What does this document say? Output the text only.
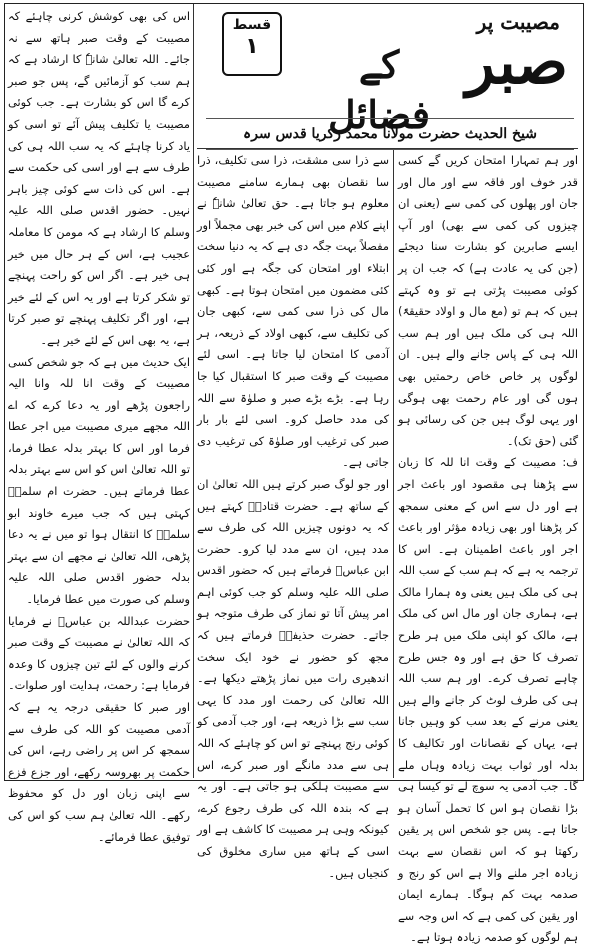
مصیبت پر
صبر
کے فضائل
قسط
۱
شیخ الحدیث حضرت مولانا محمد زکریا قدس سرہ

اور ہم تمہارا امتحان کریں گے کسی قدر خوف اور فاقہ سے اور مال اور جان اور پھلوں کی کمی سے (یعنی ان چیزوں کی کمی سے بھی) اور آپ ایسے صابرین کو بشارت سنا دیجئے (جن کی یہ عادت ہے) کہ جب ان پر کوئی مصیبت پڑتی ہے تو وہ کہتے ہیں کہ ہم تو (مع مال و اولاد حقیقۃً) اللہ ہی کی ملک ہیں اور ہم سب اللہ ہی کے پاس جانے والے ہیں۔ ان لوگوں پر خاص خاص رحمتیں بھی ہوں گی اور عام رحمت بھی ہوگی اور یہی لوگ ہیں جن کی رسائی ہو گئی (حق تک)۔

ف: مصیبت کے وقت انا للہ کا زبان سے پڑھنا ہی مقصود اور باعث اجر ہے اور دل سے اس کے معنی سمجھ کر پڑھنا اور بھی زیادہ مؤثر اور باعث اجر اور باعث اطمینان ہے۔ اس کا ترجمہ یہ ہے کہ ہم سب کے سب اللہ ہی کی ملک ہیں یعنی وہ ہمارا مالک ہے، ہماری جان اور مال اس کی ملک ہے، مالک کو اپنی ملک میں ہر طرح تصرف کا حق ہے اور وہ جس طرح چاہے تصرف کرے۔ اور ہم سب اللہ ہی کی طرف لوٹ کر جانے والے ہیں یعنی مرنے کے بعد سب کو وہیں جانا ہے، یہاں کے نقصانات اور تکالیف کا بدلہ اور ثواب بہت زیادہ وہاں ملے گا۔ جب آدمی یہ سوچ لے تو کیسا ہی بڑا نقصان ہو اس کا تحمل آسان ہو جاتا ہے۔ پس جو شخص اس پر یقین رکھتا ہو کہ اس نقصان سے بہت زیادہ اجر ملنے والا ہے اس کو رنج و صدمہ بہت کم ہوگا۔ ہمارے ایمان اور یقین کی کمی ہے کہ اس وجہ سے ہم لوگوں کو صدمہ زیادہ ہوتا ہے۔

سے ذرا سی مشقت، ذرا سی تکلیف، ذرا سا نقصان بھی ہمارے سامنے مصیبت معلوم ہو جاتا ہے۔ حق تعالیٰ شانہٗ نے اپنے کلام میں اس کی خبر بھی مجملاً اور مفصلاً بہت جگہ دی ہے کہ یہ دنیا سخت ابتلاء اور امتحان کی جگہ ہے اور کئی کئی مضمون میں امتحان ہوتا ہے۔ کبھی مال کی ذرا سی کمی سے، کبھی جان کی تکلیف سے، کبھی اولاد کے ذریعہ، ہر آدمی کا امتحان لیا جاتا ہے۔ اسی لئے مصیبت کے وقت صبر کا استقبال کیا جا رہا ہے۔ بڑے بڑے صبر و صلوٰۃ سے اللہ کی مدد حاصل کرو۔ اسی لئے بار بار صبر کی ترغیب اور صلوٰۃ کی ترغیب دی جاتی ہے۔

اور جو لوگ صبر کرتے ہیں اللہ تعالیٰ ان کے ساتھ ہے۔ حضرت قتادہؒ کہتے ہیں کہ یہ دونوں چیزیں اللہ کی طرف سے مدد ہیں، ان سے مدد لیا کرو۔ حضرت ابن عباسؓ فرماتے ہیں کہ حضور اقدس صلی اللہ علیہ وسلم کو جب کوئی اہم امر پیش آتا تو نماز کی طرف متوجہ ہو جاتے۔ حضرت حذیفہؓ فرماتے ہیں کہ مجھ کو حضور نے خود ایک سخت اندھیری رات میں نماز پڑھتے دیکھا ہے۔ اللہ تعالیٰ کی رحمت اور مدد کا یہی سب سے بڑا ذریعہ ہے، اور جب آدمی کو کوئی رنج پہنچے تو اس کو چاہئے کہ اللہ ہی سے مدد مانگے اور صبر کرے، اس سے مصیبت ہلکی ہو جاتی ہے۔ اور یہ ہے کہ بندہ اللہ کی طرف رجوع کرے، کیونکہ وہی ہر مصیبت کا کاشف ہے اور اسی کے ہاتھ میں ساری مخلوق کی کنجیاں ہیں۔

اس کی بھی کوشش کرنی چاہئے کہ مصیبت کے وقت صبر ہاتھ سے نہ جائے۔ اللہ تعالیٰ شانہٗ کا ارشاد ہے کہ ہم سب کو آزمائیں گے، پس جو صبر کرے گا اس کو بشارت ہے۔ جب کوئی مصیبت یا تکلیف پیش آئے تو اسی کو یاد کرنا چاہئے کہ یہ سب اللہ ہی کی طرف سے ہے اور اسی کی حکمت سے ہے۔ اس کی ذات سے کوئی چیز باہر نہیں۔ حضور اقدس صلی اللہ علیہ وسلم کا ارشاد ہے کہ مومن کا معاملہ عجیب ہے، اس کے ہر حال میں خیر ہی خیر ہے۔ اگر اس کو راحت پہنچے تو شکر کرتا ہے اور یہ اس کے لئے خیر ہے، اور اگر تکلیف پہنچے تو صبر کرتا ہے، یہ بھی اس کے لئے خیر ہے۔

ایک حدیث میں ہے کہ جو شخص کسی مصیبت کے وقت انا للہ وانا الیہ راجعون پڑھے اور یہ دعا کرے کہ اے اللہ مجھے میری مصیبت میں اجر عطا فرما اور اس کا بہتر بدلہ عطا فرما، تو اللہ تعالیٰ اس کو اس سے بہتر بدلہ عطا فرماتے ہیں۔ حضرت ام سلمہؓ کہتی ہیں کہ جب میرے خاوند ابو سلمہؓ کا انتقال ہوا تو میں نے یہ دعا پڑھی، اللہ تعالیٰ نے مجھے ان سے بہتر بدلہ حضور اقدس صلی اللہ علیہ وسلم کی صورت میں عطا فرمایا۔

حضرت عبداللہ بن عباسؓ نے فرمایا کہ اللہ تعالیٰ نے مصیبت کے وقت صبر کرنے والوں کے لئے تین چیزوں کا وعدہ فرمایا ہے: رحمت، ہدایت اور صلوات۔ اور صبر کا حقیقی درجہ یہ ہے کہ آدمی مصیبت کو اللہ کی طرف سے سمجھ کر اس پر راضی رہے، اس کی حکمت پر بھروسہ رکھے، اور جزع فزع سے اپنی زبان اور دل کو محفوظ رکھے۔ اللہ تعالیٰ ہم سب کو اس کی توفیق عطا فرمائے۔
